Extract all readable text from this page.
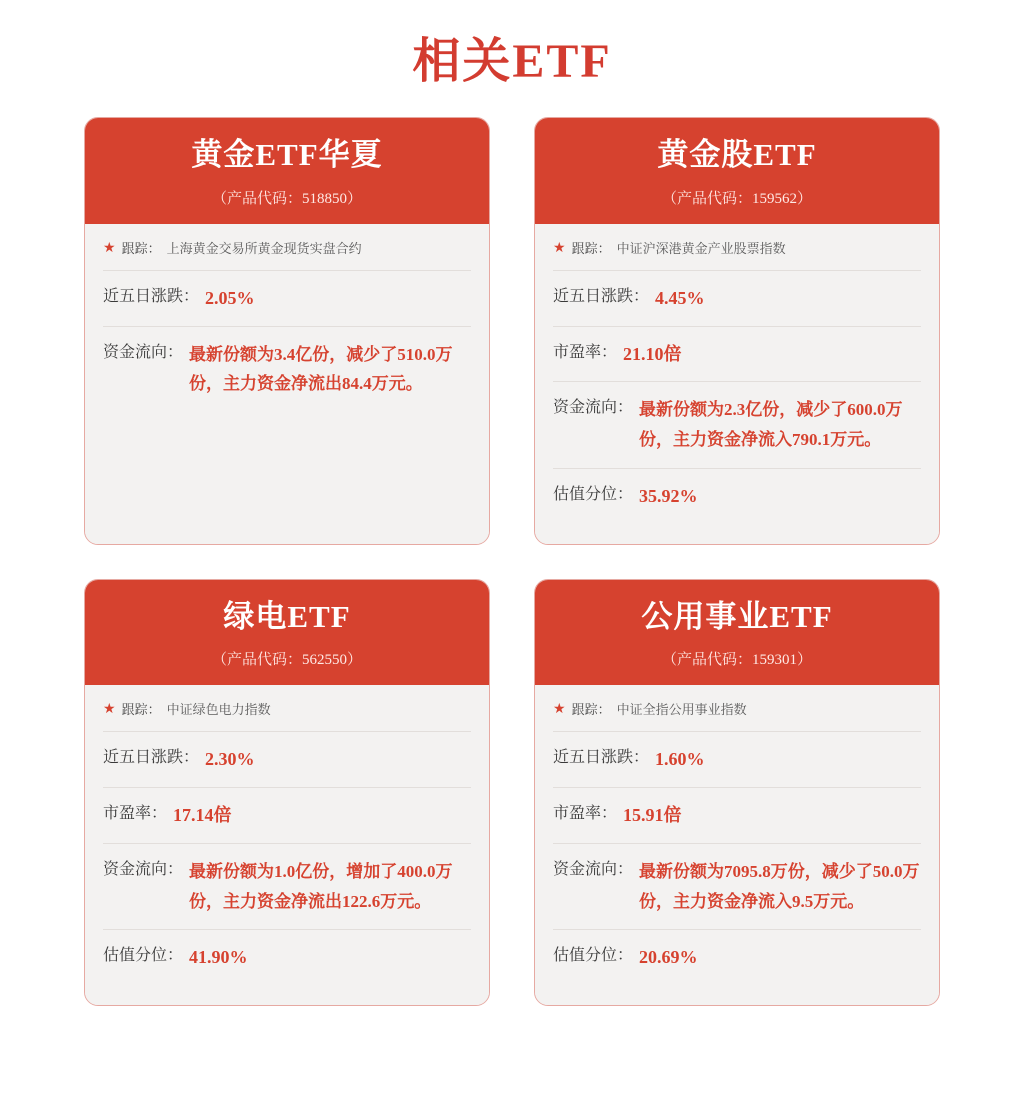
相关ETF
黄金ETF华夏
（产品代码：518850）
★ 跟踪： 上海黄金交易所黄金现货实盘合约
近五日涨跌： 2.05%
资金流向： 最新份额为3.4亿份，减少了510.0万份，主力资金净流出84.4万元。
黄金股ETF
（产品代码：159562）
★ 跟踪： 中证沪深港黄金产业股票指数
近五日涨跌： 4.45%
市盈率： 21.10倍
资金流向： 最新份额为2.3亿份，减少了600.0万份，主力资金净流入790.1万元。
估值分位： 35.92%
绿电ETF
（产品代码：562550）
★ 跟踪： 中证绿色电力指数
近五日涨跌： 2.30%
市盈率： 17.14倍
资金流向： 最新份额为1.0亿份，增加了400.0万份，主力资金净流出122.6万元。
估值分位： 41.90%
公用事业ETF
（产品代码：159301）
★ 跟踪： 中证全指公用事业指数
近五日涨跌： 1.60%
市盈率： 15.91倍
资金流向： 最新份额为7095.8万份，减少了50.0万份，主力资金净流入9.5万元。
估值分位： 20.69%
